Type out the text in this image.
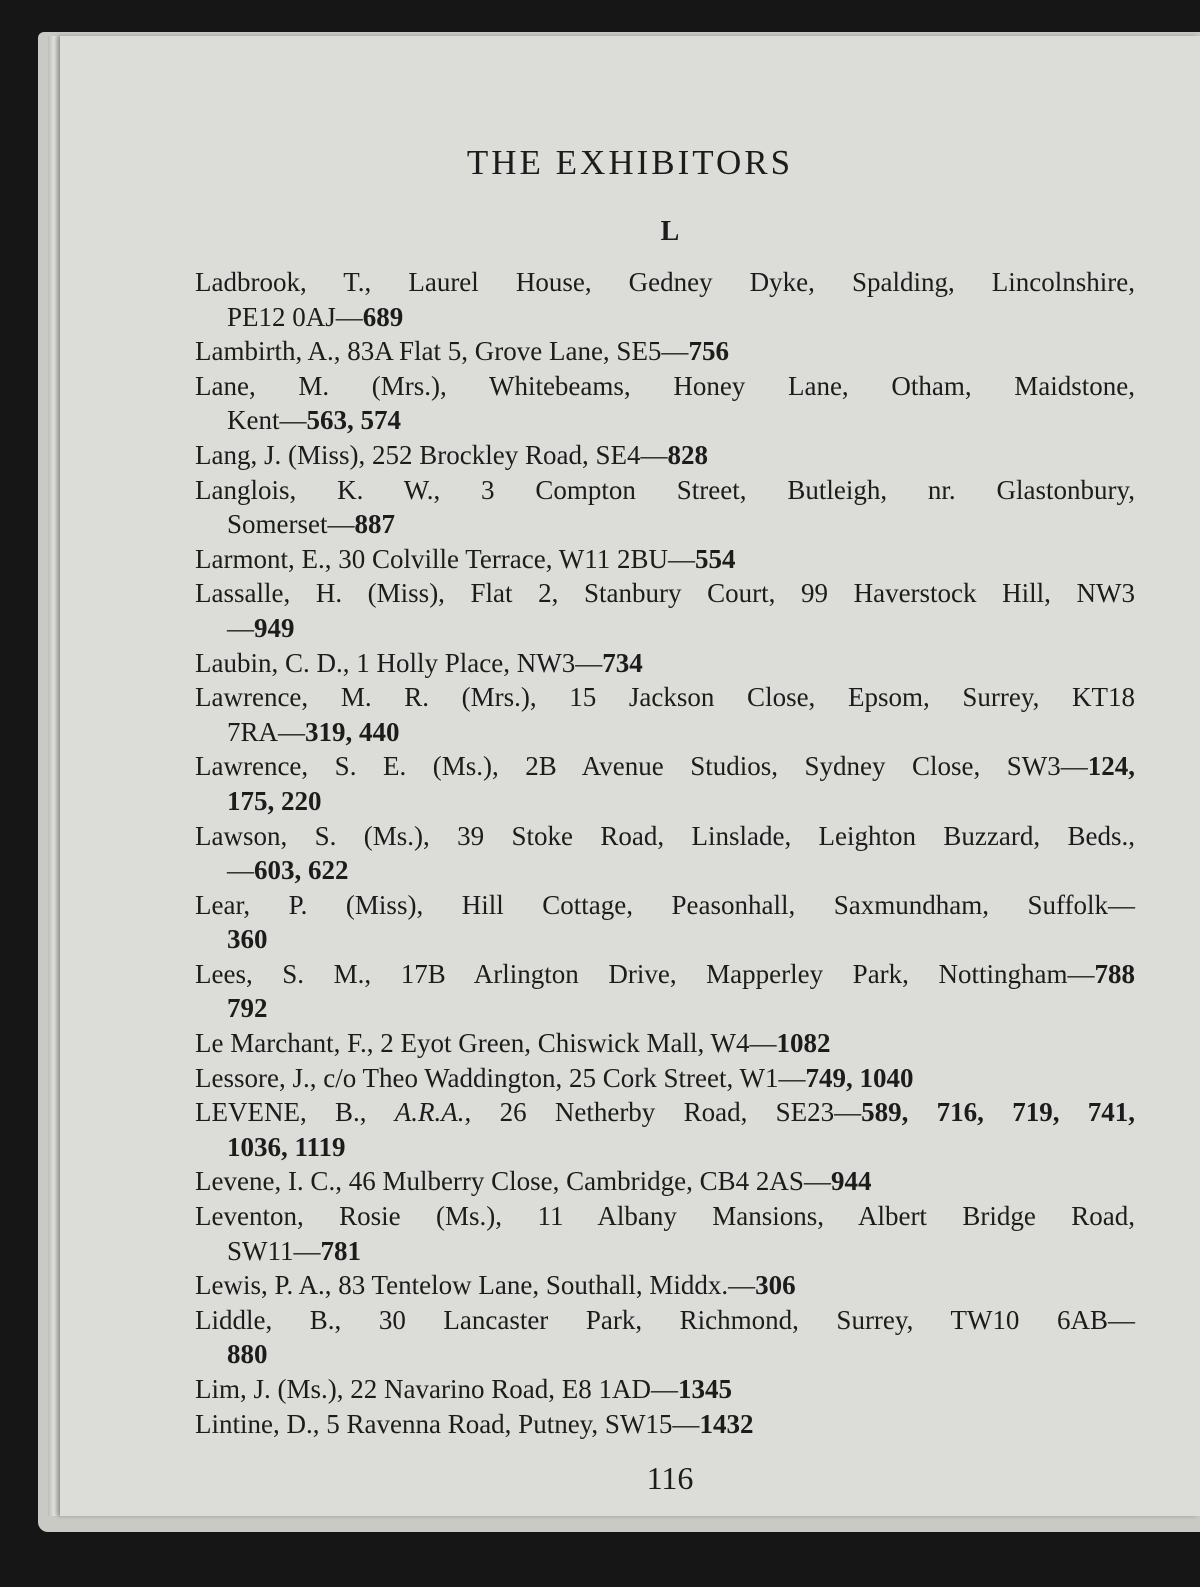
THE EXHIBITORS
L
Ladbrook, T., Laurel House, Gedney Dyke, Spalding, Lincolnshire,
PE12 0AJ—689
Lambirth, A., 83A Flat 5, Grove Lane, SE5—756
Lane, M. (Mrs.), Whitebeams, Honey Lane, Otham, Maidstone,
Kent—563, 574
Lang, J. (Miss), 252 Brockley Road, SE4—828
Langlois, K. W., 3 Compton Street, Butleigh, nr. Glastonbury,
Somerset—887
Larmont, E., 30 Colville Terrace, W11 2BU—554
Lassalle, H. (Miss), Flat 2, Stanbury Court, 99 Haverstock Hill, NW3
—949
Laubin, C. D., 1 Holly Place, NW3—734
Lawrence, M. R. (Mrs.), 15 Jackson Close, Epsom, Surrey, KT18
7RA—319, 440
Lawrence, S. E. (Ms.), 2B Avenue Studios, Sydney Close, SW3—124,
175, 220
Lawson, S. (Ms.), 39 Stoke Road, Linslade, Leighton Buzzard, Beds.,
—603, 622
Lear, P. (Miss), Hill Cottage, Peasonhall, Saxmundham, Suffolk—
360
Lees, S. M., 17B Arlington Drive, Mapperley Park, Nottingham—788
792
Le Marchant, F., 2 Eyot Green, Chiswick Mall, W4—1082
Lessore, J., c/o Theo Waddington, 25 Cork Street, W1—749, 1040
LEVENE, B., A.R.A., 26 Netherby Road, SE23—589, 716, 719, 741,
1036, 1119
Levene, I. C., 46 Mulberry Close, Cambridge, CB4 2AS—944
Leventon, Rosie (Ms.), 11 Albany Mansions, Albert Bridge Road,
SW11—781
Lewis, P. A., 83 Tentelow Lane, Southall, Middx.—306
Liddle, B., 30 Lancaster Park, Richmond, Surrey, TW10 6AB—
880
Lim, J. (Ms.), 22 Navarino Road, E8 1AD—1345
Lintine, D., 5 Ravenna Road, Putney, SW15—1432
116
